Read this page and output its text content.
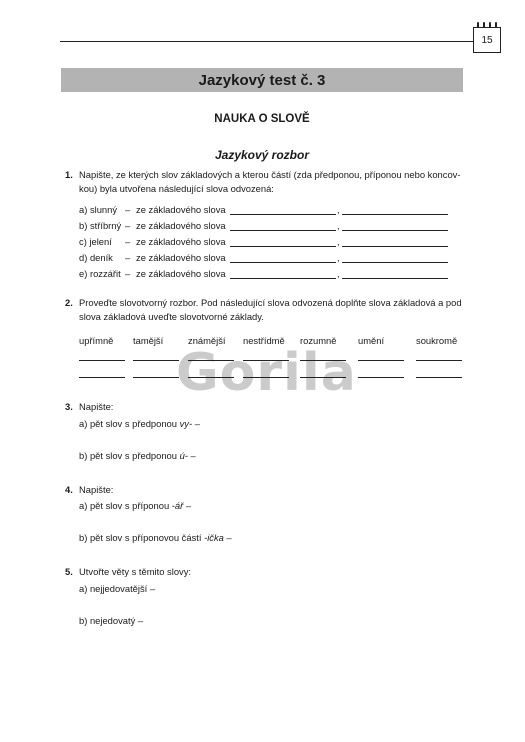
15
Jazykový test č. 3
NAUKA O SLOVĚ
Jazykový rozbor
1. Napište, ze kterých slov základových a kterou částí (zda předponou, příponou nebo koncov-
kou) byla utvořena následující slova odvozená:
a) slunný – ze základového slova	,
b) stříbrný – ze základového slova	,
c) jelení – ze základového slova	,
d) deník – ze základového slova	,
e) rozzářit – ze základového slova	,
2. Proveďte slovotvorný rozbor. Pod následující slova odvozená doplňte slova základová a pod
slova základová uveďte slovotvorné základy.
Gorila
upřímně tamější	známější nestřídmě rozumně umění	soukromě
3. Napište:
a) pět slov s předponou vy- –
b) pět slov s předponou ú- –
4. Napište:
a) pět slov s příponou -ář –
b) pět slov s příponovou částí -ička –
5. Utvořte věty s těmito slovy:
a) nejjedovatější –
b) nejedovatý –
